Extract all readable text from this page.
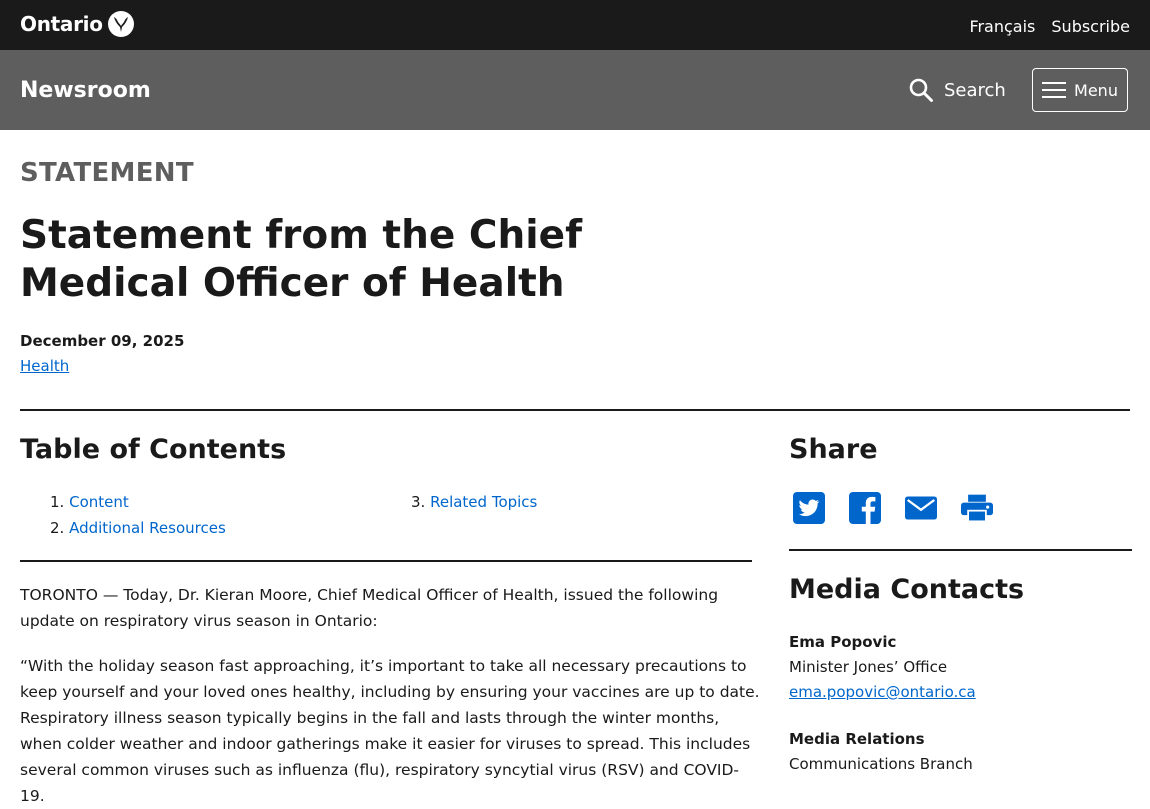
Ontario	Français Subscribe
Newsroom	Search	Menu
STATEMENT
Statement from the Chief Medical Officer of Health
December 09, 2025
Health
Table of Contents
1. Content
2. Additional Resources
3. Related Topics

TORONTO — Today, Dr. Kieran Moore, Chief Medical Officer of Health, issued the following update on respiratory virus season in Ontario:

“With the holiday season fast approaching, it’s important to take all necessary precautions to keep yourself and your loved ones healthy, including by ensuring your vaccines are up to date. Respiratory illness season typically begins in the fall and lasts through the winter months, when colder weather and indoor gatherings make it easier for viruses to spread. This includes several common viruses such as influenza (flu), respiratory syncytial virus (RSV) and COVID-19.

Share
Media Contacts
Ema Popovic
Minister Jones’ Office
ema.popovic@ontario.ca
Media Relations
Communications Branch
